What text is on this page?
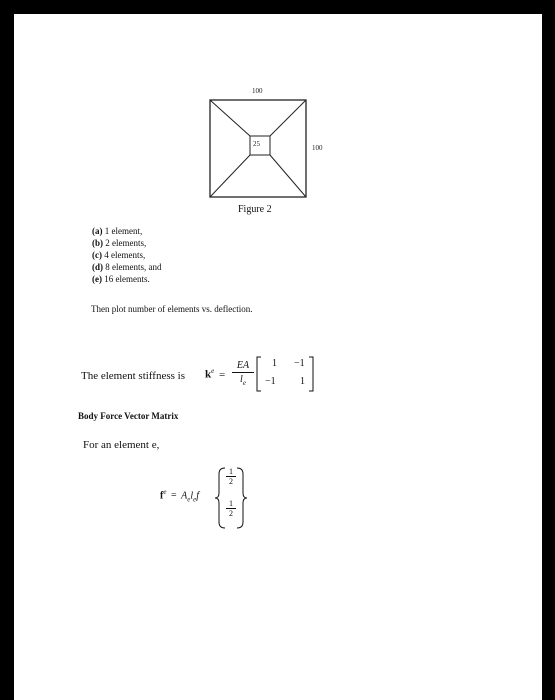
100
100
25
Figure 2
(a) 1 element,
(b) 2 elements,
(c) 4 elements,
(d) 8 elements, and
(e) 16 elements.
Then plot number of elements vs. deflection.
The element stiffness is $k^e$ =
EA
$l_e$
1 −1
−1 1
Body Force Vector Matrix
For an element e,
$f^e = A_el_ef$
1
2
1
2
